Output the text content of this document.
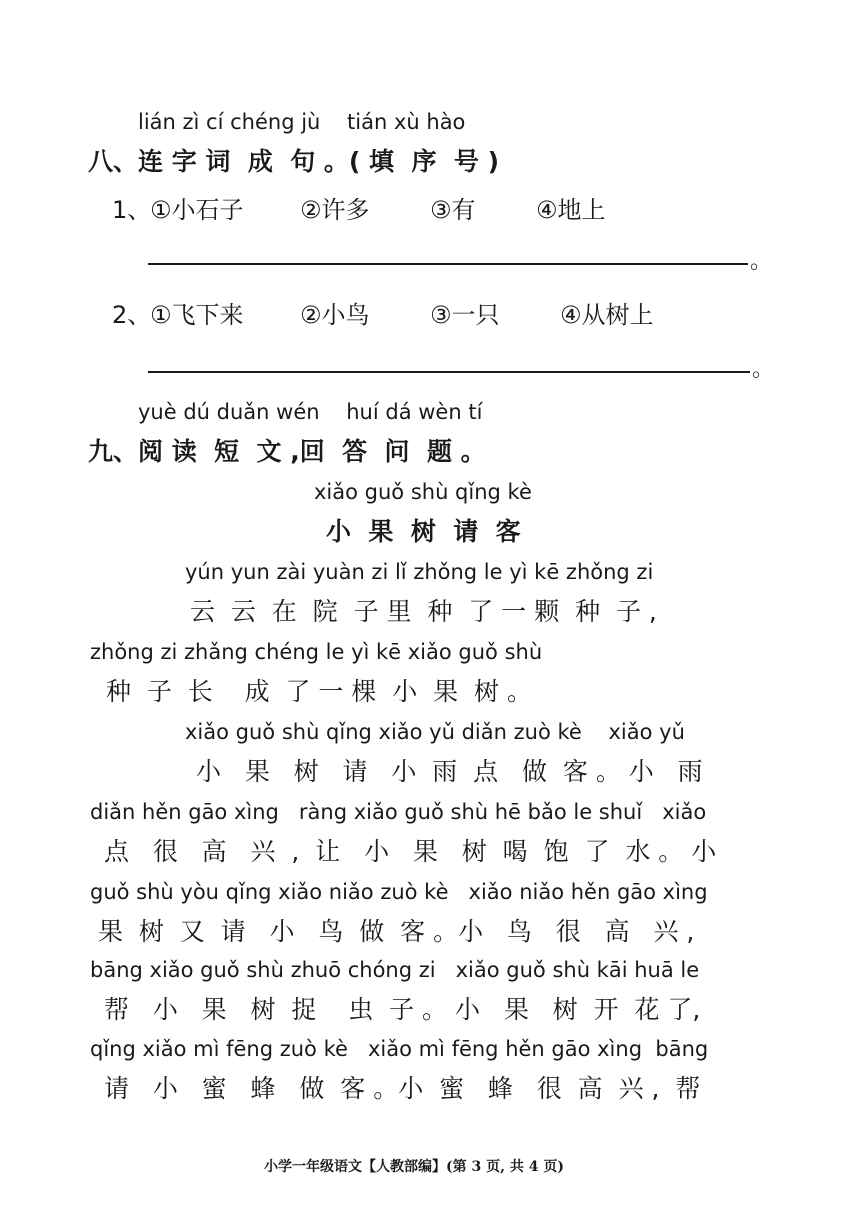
lián zì cí chéng jù    tián xù hào
八、连 字 词  成  句 。( 填  序  号 )
1、
①小石子 ②许多	③有	④地上
。
2、
①飞下来 ②小鸟	③一只	④从树上
。
yuè dú duǎn wén    huí dá wèn tí
九、阅 读  短  文 ,回  答  问  题 。
xiǎo guǒ shù qǐng kè
小  果  树  请  客
yún yun zài yuàn zi lǐ zhǒng le yì kē zhǒng zi
云  云  在  院  子 里  种  了 一 颗  种  子 ,
zhǒng zi zhǎng chéng le yì kē xiǎo guǒ shù
种  子  长    成  了 一 棵  小  果  树 。
xiǎo guǒ shù qǐng xiǎo yǔ diǎn zuò kè    xiǎo yǔ
小   果   树   请   小  雨  点   做  客 。 小   雨
diǎn hěn gāo xìng   ràng xiǎo guǒ shù hē bǎo le shuǐ   xiǎo
点   很   高   兴  ,  让   小   果   树  喝  饱  了  水 。 小
guǒ shù yòu qǐng xiǎo niǎo zuò kè   xiǎo niǎo hěn gāo xìng
果  树  又  请   小   鸟  做  客 。小   鸟   很   高   兴 ,
bāng xiǎo guǒ shù zhuō chóng zi   xiǎo guǒ shù kāi huā le
帮   小   果   树  捉    虫  子 。 小   果   树  开  花 了,
qǐng xiǎo mì fēng zuò kè   xiǎo mì fēng hěn gāo xìng  bāng
请   小   蜜   蜂   做  客 。小  蜜   蜂   很  高  兴 ,  帮
小学一年级语文【人教部编】(第 3 页, 共 4 页)
